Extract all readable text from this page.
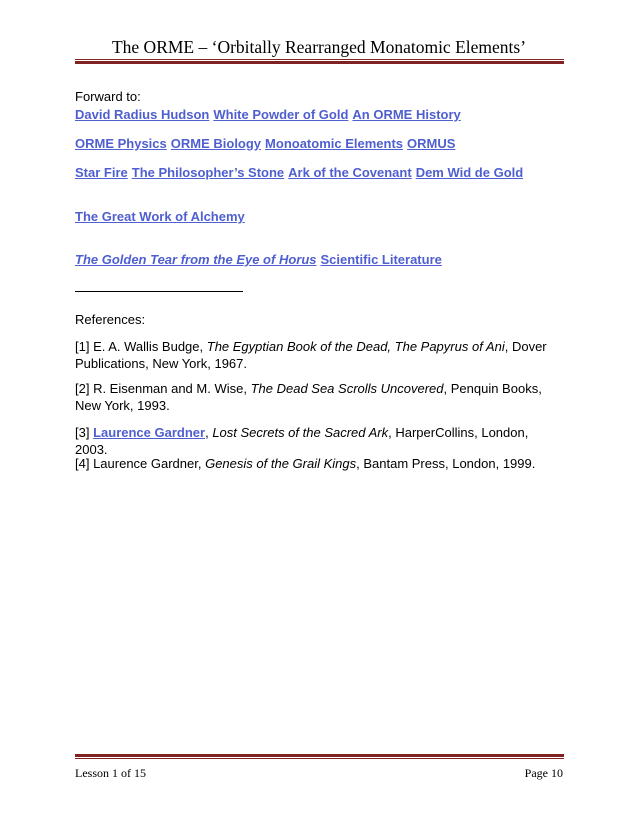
The ORME – ‘Orbitally Rearranged Monatomic Elements’
Forward to:
David Radius Hudson White Powder of Gold An ORME History
ORME Physics ORME Biology Monoatomic Elements ORMUS
Star Fire The Philosopher’s Stone Ark of the Covenant Dem Wid de Gold
The Great Work of Alchemy
The Golden Tear from the Eye of Horus Scientific Literature
References:
[1] E. A. Wallis Budge, The Egyptian Book of the Dead, The Papyrus of Ani, Dover Publications, New York, 1967.
[2] R. Eisenman and M. Wise, The Dead Sea Scrolls Uncovered, Penquin Books, New York, 1993.
[3] Laurence Gardner, Lost Secrets of the Sacred Ark, HarperCollins, London, 2003.
[4] Laurence Gardner, Genesis of the Grail Kings, Bantam Press, London, 1999.
Lesson 1 of 15	Page 10
